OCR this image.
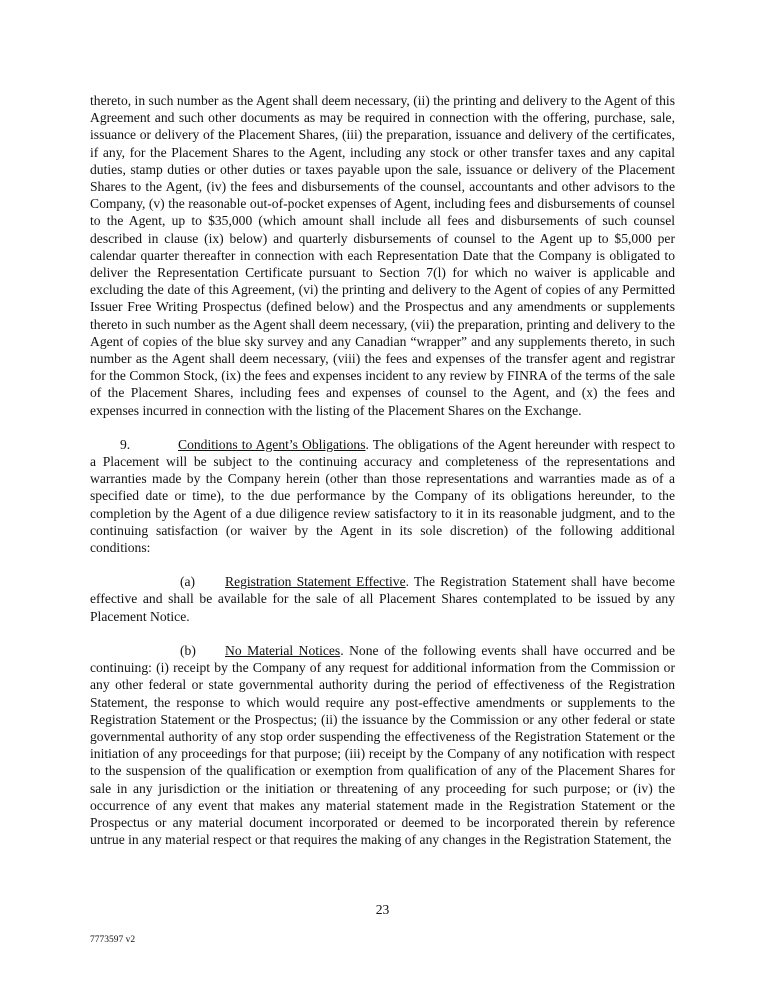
thereto, in such number as the Agent shall deem necessary, (ii) the printing and delivery to the Agent of this Agreement and such other documents as may be required in connection with the offering, purchase, sale, issuance or delivery of the Placement Shares, (iii) the preparation, issuance and delivery of the certificates, if any, for the Placement Shares to the Agent, including any stock or other transfer taxes and any capital duties, stamp duties or other duties or taxes payable upon the sale, issuance or delivery of the Placement Shares to the Agent, (iv) the fees and disbursements of the counsel, accountants and other advisors to the Company, (v) the reasonable out-of-pocket expenses of Agent, including fees and disbursements of counsel to the Agent, up to $35,000 (which amount shall include all fees and disbursements of such counsel described in clause (ix) below) and quarterly disbursements of counsel to the Agent up to $5,000 per calendar quarter thereafter in connection with each Representation Date that the Company is obligated to deliver the Representation Certificate pursuant to Section 7(l) for which no waiver is applicable and excluding the date of this Agreement, (vi) the printing and delivery to the Agent of copies of any Permitted Issuer Free Writing Prospectus (defined below) and the Prospectus and any amendments or supplements thereto in such number as the Agent shall deem necessary, (vii) the preparation, printing and delivery to the Agent of copies of the blue sky survey and any Canadian “wrapper” and any supplements thereto, in such number as the Agent shall deem necessary, (viii) the fees and expenses of the transfer agent and registrar for the Common Stock, (ix) the fees and expenses incident to any review by FINRA of the terms of the sale of the Placement Shares, including fees and expenses of counsel to the Agent, and (x) the fees and expenses incurred in connection with the listing of the Placement Shares on the Exchange.

9.	Conditions to Agent’s Obligations. The obligations of the Agent hereunder with respect to a Placement will be subject to the continuing accuracy and completeness of the representations and warranties made by the Company herein (other than those representations and warranties made as of a specified date or time), to the due performance by the Company of its obligations hereunder, to the completion by the Agent of a due diligence review satisfactory to it in its reasonable judgment, and to the continuing satisfaction (or waiver by the Agent in its sole discretion) of the following additional conditions:

(a) Registration Statement Effective. The Registration Statement shall have become effective and shall be available for the sale of all Placement Shares contemplated to be issued by any Placement Notice.

(b) No Material Notices. None of the following events shall have occurred and be continuing: (i) receipt by the Company of any request for additional information from the Commission or any other federal or state governmental authority during the period of effectiveness of the Registration Statement, the response to which would require any post-effective amendments or supplements to the Registration Statement or the Prospectus; (ii) the issuance by the Commission or any other federal or state governmental authority of any stop order suspending the effectiveness of the Registration Statement or the initiation of any proceedings for that purpose; (iii) receipt by the Company of any notification with respect to the suspension of the qualification or exemption from qualification of any of the Placement Shares for sale in any jurisdiction or the initiation or threatening of any proceeding for such purpose; or (iv) the occurrence of any event that makes any material statement made in the Registration Statement or the Prospectus or any material document incorporated or deemed to be incorporated therein by reference untrue in any material respect or that requires the making of any changes in the Registration Statement, the

23
7773597 v2
